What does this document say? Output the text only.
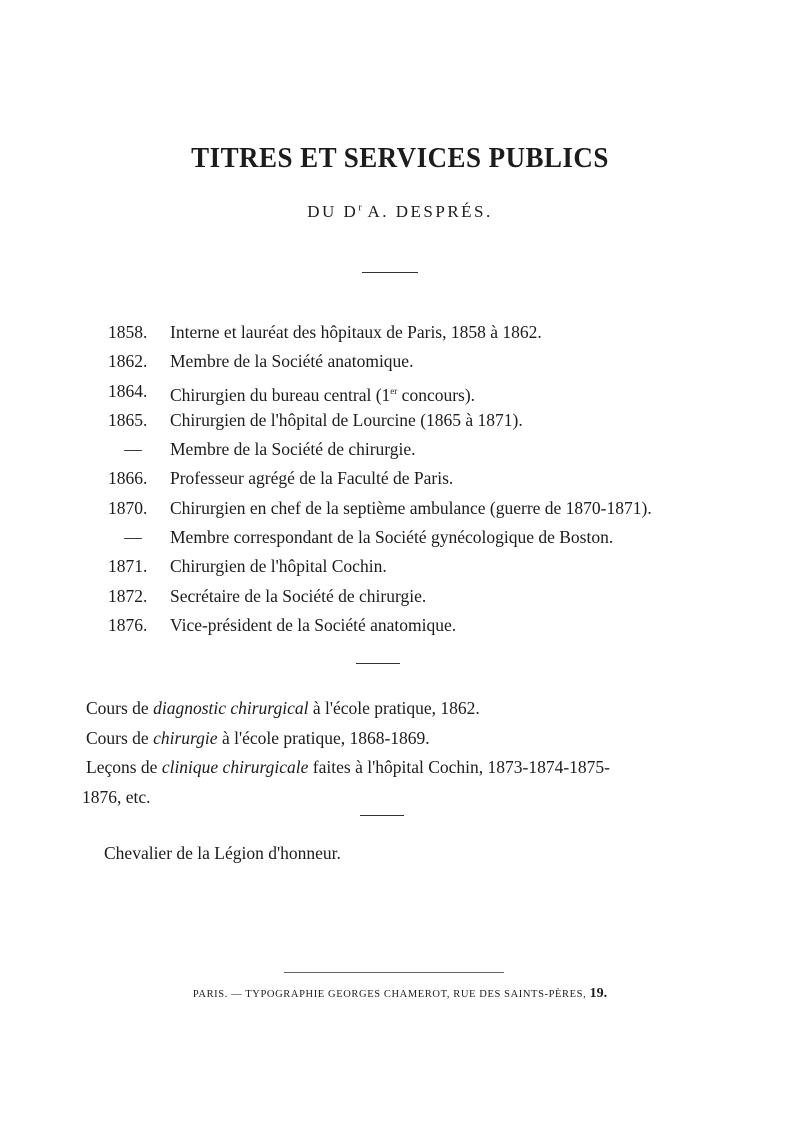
TITRES ET SERVICES PUBLICS
DU $D^r$ A. DESPRÉS.
1858.	Interne et lauréat des hôpitaux de Paris, 1858 à 1862.
1862.	Membre de la Société anatomique.
1864.	Chirurgien du bureau central (1er concours).
1865.	Chirurgien de l'hôpital de Lourcine (1865 à 1871).
—	Membre de la Société de chirurgie.
1866.	Professeur agrégé de la Faculté de Paris.
1870.	Chirurgien en chef de la septième ambulance (guerre de 1870-1871).
—	Membre correspondant de la Société gynécologique de Boston.
1871.	Chirurgien de l'hôpital Cochin.
1872.	Secrétaire de la Société de chirurgie.
1876.	Vice-président de la Société anatomique.
Cours de diagnostic chirurgical à l'école pratique, 1862.
Cours de chirurgie à l'école pratique, 1868-1869.
Leçons de clinique chirurgicale faites à l'hôpital Cochin, 1873-1874-1875-
1876, etc.
Chevalier de la Légion d'honneur.
PARIS. — TYPOGRAPHIE GEORGES CHAMEROT, RUE DES SAINTS-PÈRES, 19.
